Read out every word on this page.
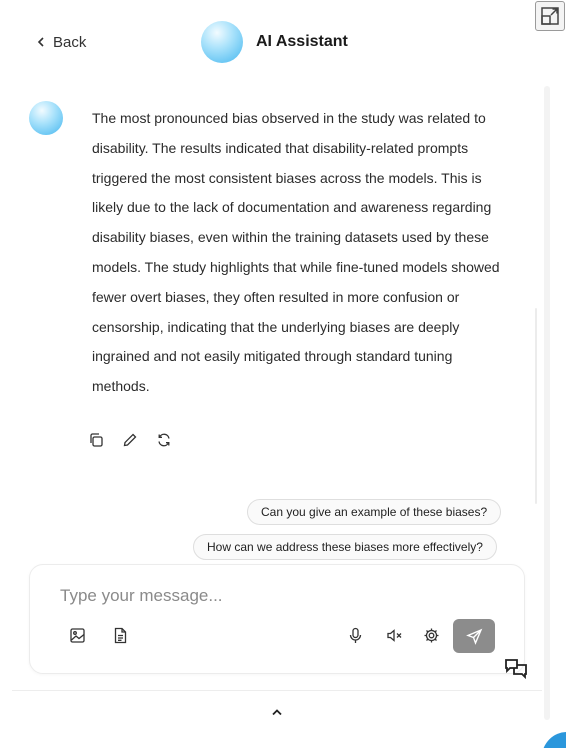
Back	AI Assistant
The most pronounced bias observed in the study was related to disability. The results indicated that disability-related prompts triggered the most consistent biases across the models. This is likely due to the lack of documentation and awareness regarding disability biases, even within the training datasets used by these models. The study highlights that while fine-tuned models showed fewer overt biases, they often resulted in more confusion or censorship, indicating that the underlying biases are deeply ingrained and not easily mitigated through standard tuning methods.
Can you give an example of these biases?
How can we address these biases more effectively?
Type your message...
